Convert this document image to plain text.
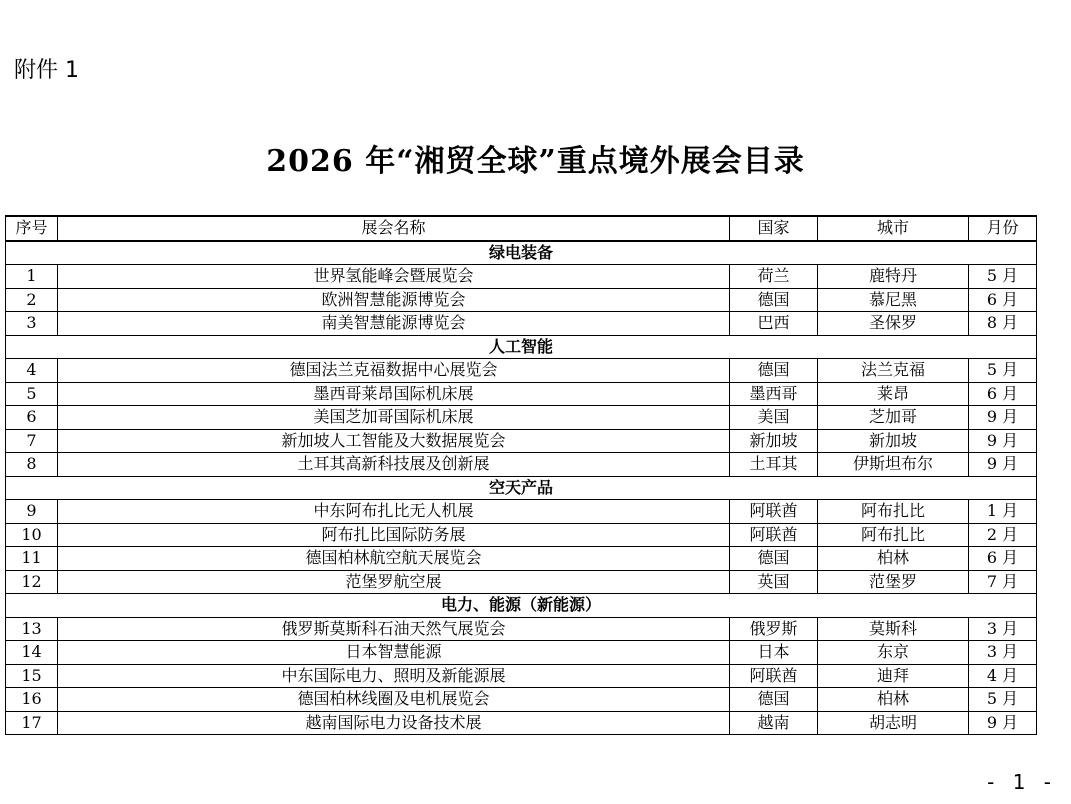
附件 1
2026 年“湘贸全球”重点境外展会目录
序号	展会名称	国家	城市	月份
绿电装备				
1	世界氢能峰会暨展览会	荷兰	鹿特丹	5 月
2	欧洲智慧能源博览会	德国	慕尼黑	6 月
3	南美智慧能源博览会	巴西	圣保罗	8 月
人工智能				
4	德国法兰克福数据中心展览会	德国	法兰克福	5 月
5	墨西哥莱昂国际机床展	墨西哥	莱昂	6 月
6	美国芝加哥国际机床展	美国	芝加哥	9 月
7	新加坡人工智能及大数据展览会	新加坡	新加坡	9 月
8	土耳其高新科技展及创新展	土耳其	伊斯坦布尔	9 月
空天产品				
9	中东阿布扎比无人机展	阿联酋	阿布扎比	1 月
10	阿布扎比国际防务展	阿联酋	阿布扎比	2 月
11	德国柏林航空航天展览会	德国	柏林	6 月
12	范堡罗航空展	英国	范堡罗	7 月
电力、能源（新能源）				
13	俄罗斯莫斯科石油天然气展览会	俄罗斯	莫斯科	3 月
14	日本智慧能源	日本	东京	3 月
15	中东国际电力、照明及新能源展	阿联酋	迪拜	4 月
16	德国柏林线圈及电机展览会	德国	柏林	5 月
17	越南国际电力设备技术展	越南	胡志明	9 月
- 1 -
